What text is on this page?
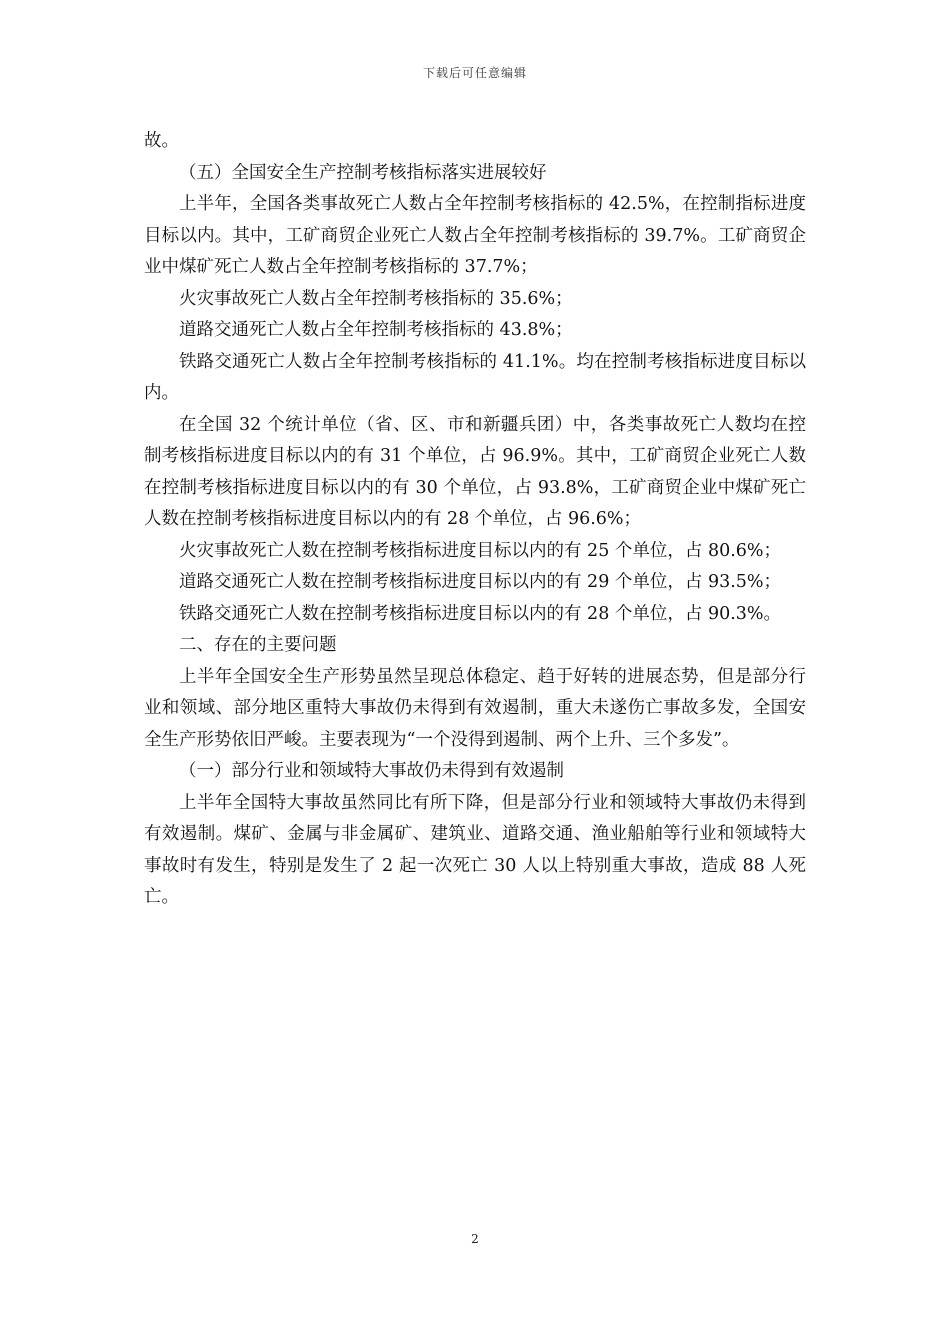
下载后可任意编辑

故。

（五）全国安全生产控制考核指标落实进展较好

上半年，全国各类事故死亡人数占全年控制考核指标的 42.5%，在控制指标进度目标以内。其中，工矿商贸企业死亡人数占全年控制考核指标的 39.7%。工矿商贸企业中煤矿死亡人数占全年控制考核指标的 37.7%；

火灾事故死亡人数占全年控制考核指标的 35.6%；

道路交通死亡人数占全年控制考核指标的 43.8%；

铁路交通死亡人数占全年控制考核指标的 41.1%。均在控制考核指标进度目标以内。

在全国 32 个统计单位（省、区、市和新疆兵团）中，各类事故死亡人数均在控制考核指标进度目标以内的有 31 个单位，占 96.9%。其中，工矿商贸企业死亡人数在控制考核指标进度目标以内的有 30 个单位，占 93.8%，工矿商贸企业中煤矿死亡人数在控制考核指标进度目标以内的有 28 个单位，占 96.6%；

火灾事故死亡人数在控制考核指标进度目标以内的有 25 个单位，占 80.6%；

道路交通死亡人数在控制考核指标进度目标以内的有 29 个单位，占 93.5%；

铁路交通死亡人数在控制考核指标进度目标以内的有 28 个单位，占 90.3%。

二、存在的主要问题

上半年全国安全生产形势虽然呈现总体稳定、趋于好转的进展态势，但是部分行业和领域、部分地区重特大事故仍未得到有效遏制，重大未遂伤亡事故多发，全国安全生产形势依旧严峻。主要表现为“一个没得到遏制、两个上升、三个多发”。

（一）部分行业和领域特大事故仍未得到有效遏制

上半年全国特大事故虽然同比有所下降，但是部分行业和领域特大事故仍未得到有效遏制。煤矿、金属与非金属矿、建筑业、道路交通、渔业船舶等行业和领域特大事故时有发生，特别是发生了 2 起一次死亡 30 人以上特别重大事故，造成 88 人死亡。

2
